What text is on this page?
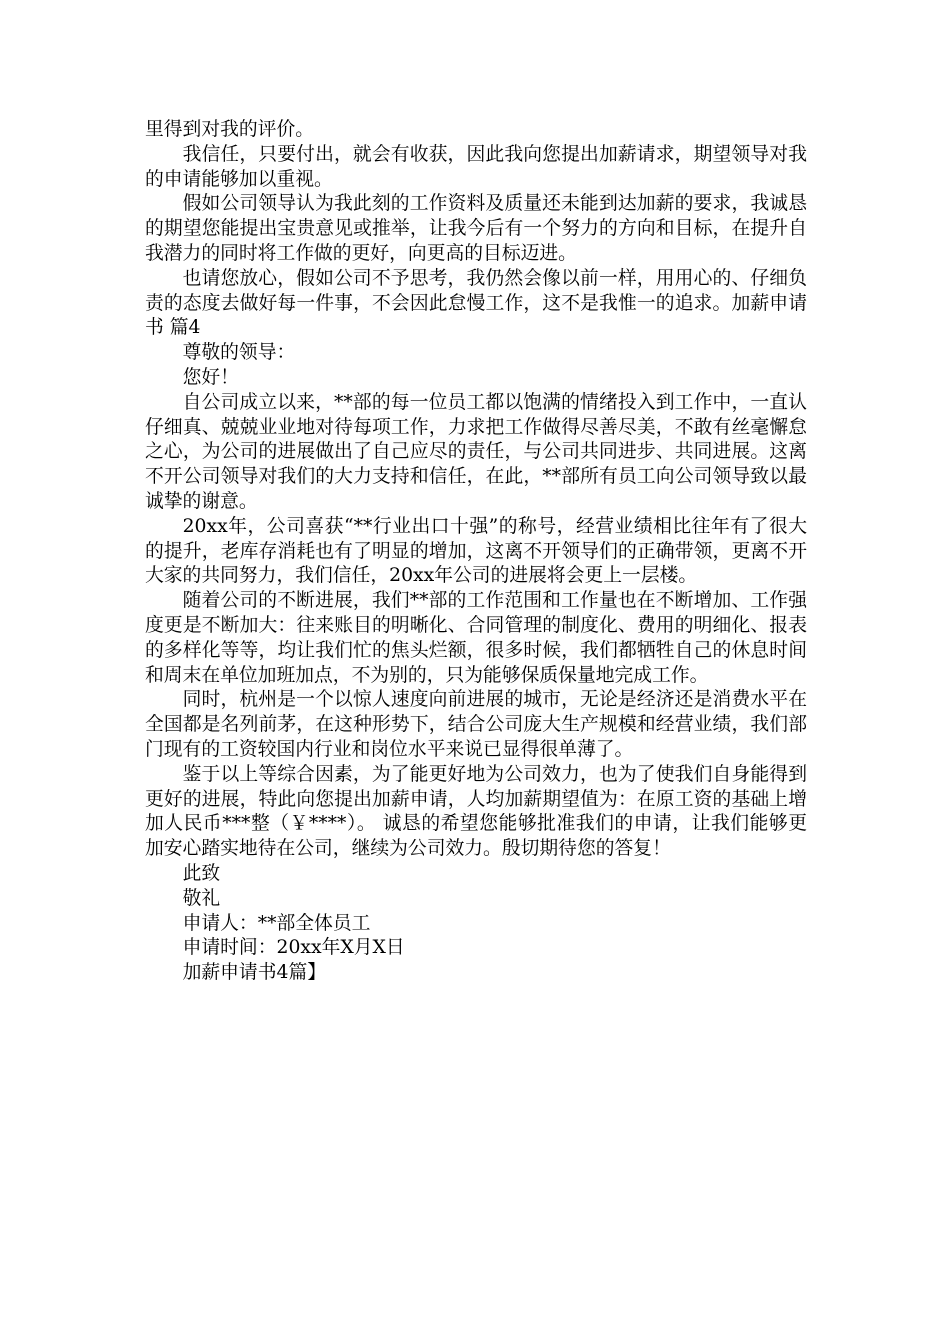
里得到对我的评价。

我信任，只要付出，就会有收获，因此我向您提出加薪请求，期望领导对我的申请能够加以重视。

假如公司领导认为我此刻的工作资料及质量还未能到达加薪的要求，我诚恳的期望您能提出宝贵意见或推举，让我今后有一个努力的方向和目标，在提升自我潜力的同时将工作做的更好，向更高的目标迈进。

也请您放心，假如公司不予思考，我仍然会像以前一样，用用心的、仔细负责的态度去做好每一件事，不会因此怠慢工作，这不是我惟一的追求。加薪申请书 篇4

尊敬的领导：

您好！

自公司成立以来，**部的每一位员工都以饱满的情绪投入到工作中，一直认仔细真、兢兢业业地对待每项工作，力求把工作做得尽善尽美，不敢有丝毫懈怠之心，为公司的进展做出了自己应尽的责任，与公司共同进步、共同进展。这离不开公司领导对我们的大力支持和信任，在此，**部所有员工向公司领导致以最诚挚的谢意。

20xx年，公司喜获“**行业出口十强”的称号，经营业绩相比往年有了很大的提升，老库存消耗也有了明显的增加，这离不开领导们的正确带领，更离不开大家的共同努力，我们信任，20xx年公司的进展将会更上一层楼。

随着公司的不断进展，我们**部的工作范围和工作量也在不断增加、工作强度更是不断加大：往来账目的明晰化、合同管理的制度化、费用的明细化、报表的多样化等等，均让我们忙的焦头烂额，很多时候，我们都牺牲自己的休息时间和周末在单位加班加点，不为别的，只为能够保质保量地完成工作。

同时，杭州是一个以惊人速度向前进展的城市，无论是经济还是消费水平在全国都是名列前茅，在这种形势下，结合公司庞大生产规模和经营业绩，我们部门现有的工资较国内行业和岗位水平来说已显得很单薄了。

鉴于以上等综合因素，为了能更好地为公司效力，也为了使我们自身能得到更好的进展，特此向您提出加薪申请，人均加薪期望值为：在原工资的基础上增加人民币***整（￥****）。 诚恳的希望您能够批准我们的申请，让我们能够更加安心踏实地待在公司，继续为公司效力。殷切期待您的答复！

此致

敬礼

申请人：**部全体员工

申请时间：20xx年X月X日

加薪申请书4篇】
